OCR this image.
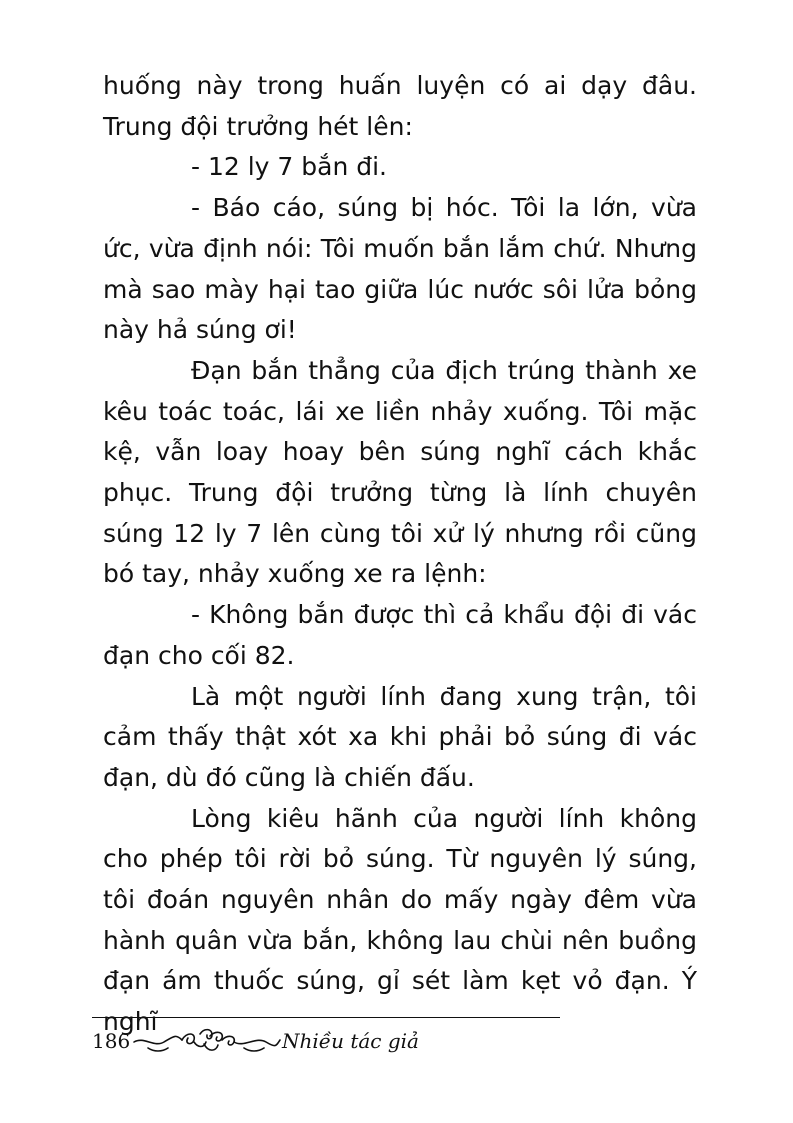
huống này trong huấn luyện có ai dạy đâu. Trung đội trưởng hét lên:

- 12 ly 7 bắn đi.

- Báo cáo, súng bị hóc. Tôi la lớn, vừa ức, vừa định nói: Tôi muốn bắn lắm chứ. Nhưng mà sao mày hại tao giữa lúc nước sôi lửa bỏng này hả súng ơi!

Đạn bắn thẳng của địch trúng thành xe kêu toác toác, lái xe liền nhảy xuống. Tôi mặc kệ, vẫn loay hoay bên súng nghĩ cách khắc phục. Trung đội trưởng từng là lính chuyên súng 12 ly 7 lên cùng tôi xử lý nhưng rồi cũng bó tay, nhảy xuống xe ra lệnh:

- Không bắn được thì cả khẩu đội đi vác đạn cho cối 82.

Là một người lính đang xung trận, tôi cảm thấy thật xót xa khi phải bỏ súng đi vác đạn, dù đó cũng là chiến đấu.

Lòng kiêu hãnh của người lính không cho phép tôi rời bỏ súng. Từ nguyên lý súng, tôi đoán nguyên nhân do mấy ngày đêm vừa hành quân vừa bắn, không lau chùi nên buồng đạn ám thuốc súng, gỉ sét làm kẹt vỏ đạn. Ý nghĩ

186	Nhiều tác giả
